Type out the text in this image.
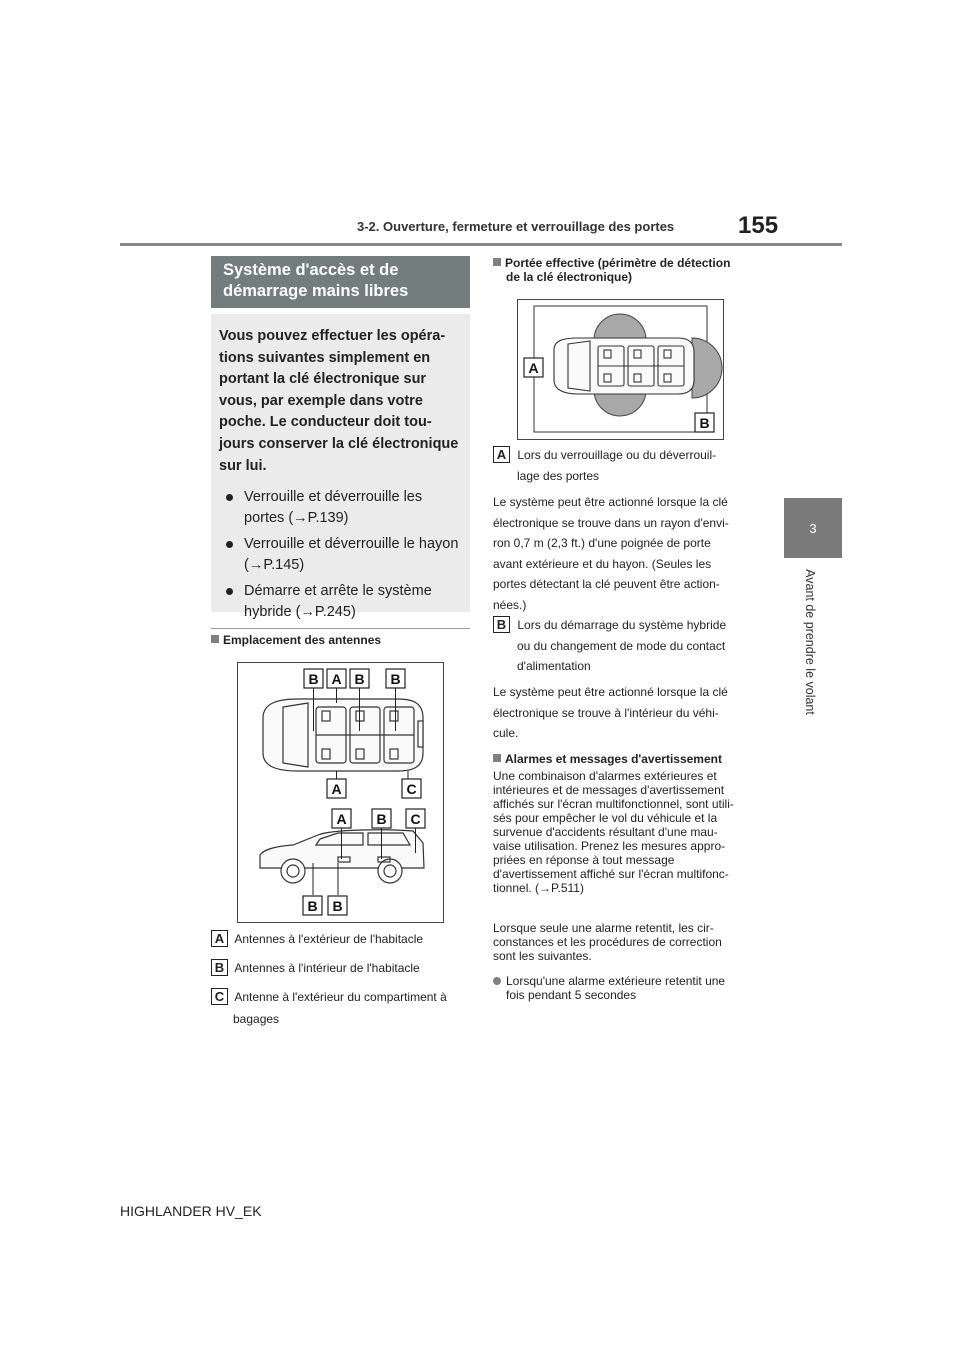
3-2. Ouverture, fermeture et verrouillage des portes	155
3
Avant de prendre le volant
Système d'accès et de
démarrage mains libres

Vous pouvez effectuer les opéra-
tions suivantes simplement en
portant la clé électronique sur
vous, par exemple dans votre
poche. Le conducteur doit tou-
jours conserver la clé électronique
sur lui.

Verrouille et déverrouille les
portes (→P.139)
Verrouille et déverrouille le hayon
(→P.145)
Démarre et arrête le système
hybride (→P.245)
Emplacement des antennes
B A B B
A	C
A B C
B B
A Antennes à l'extérieur de l'habitacle
B Antennes à l'intérieur de l'habitacle
C Antenne à l'extérieur du compartiment à
bagages
Portée effective (périmètre de détection
de la clé électronique)
A
B
A Lors du verrouillage ou du déverrouil-
lage des portes
Le système peut être actionné lorsque la clé
électronique se trouve dans un rayon d'envi-
ron 0,7 m (2,3 ft.) d'une poignée de porte
avant extérieure et du hayon. (Seules les
portes détectant la clé peuvent être action-
nées.)
B Lors du démarrage du système hybride
ou du changement de mode du contact
d'alimentation
Le système peut être actionné lorsque la clé
électronique se trouve à l'intérieur du véhi-
cule.
Alarmes et messages d'avertissement
Une combinaison d'alarmes extérieures et
intérieures et de messages d'avertissement
affichés sur l'écran multifonctionnel, sont utili-
sés pour empêcher le vol du véhicule et la
survenue d'accidents résultant d'une mau-
vaise utilisation. Prenez les mesures appro-
priées en réponse à tout message
d'avertissement affiché sur l'écran multifonc-
tionnel. (→P.511)
Lorsque seule une alarme retentit, les cir-
constances et les procédures de correction
sont les suivantes.
Lorsqu'une alarme extérieure retentit une
fois pendant 5 secondes
HIGHLANDER HV_EK
